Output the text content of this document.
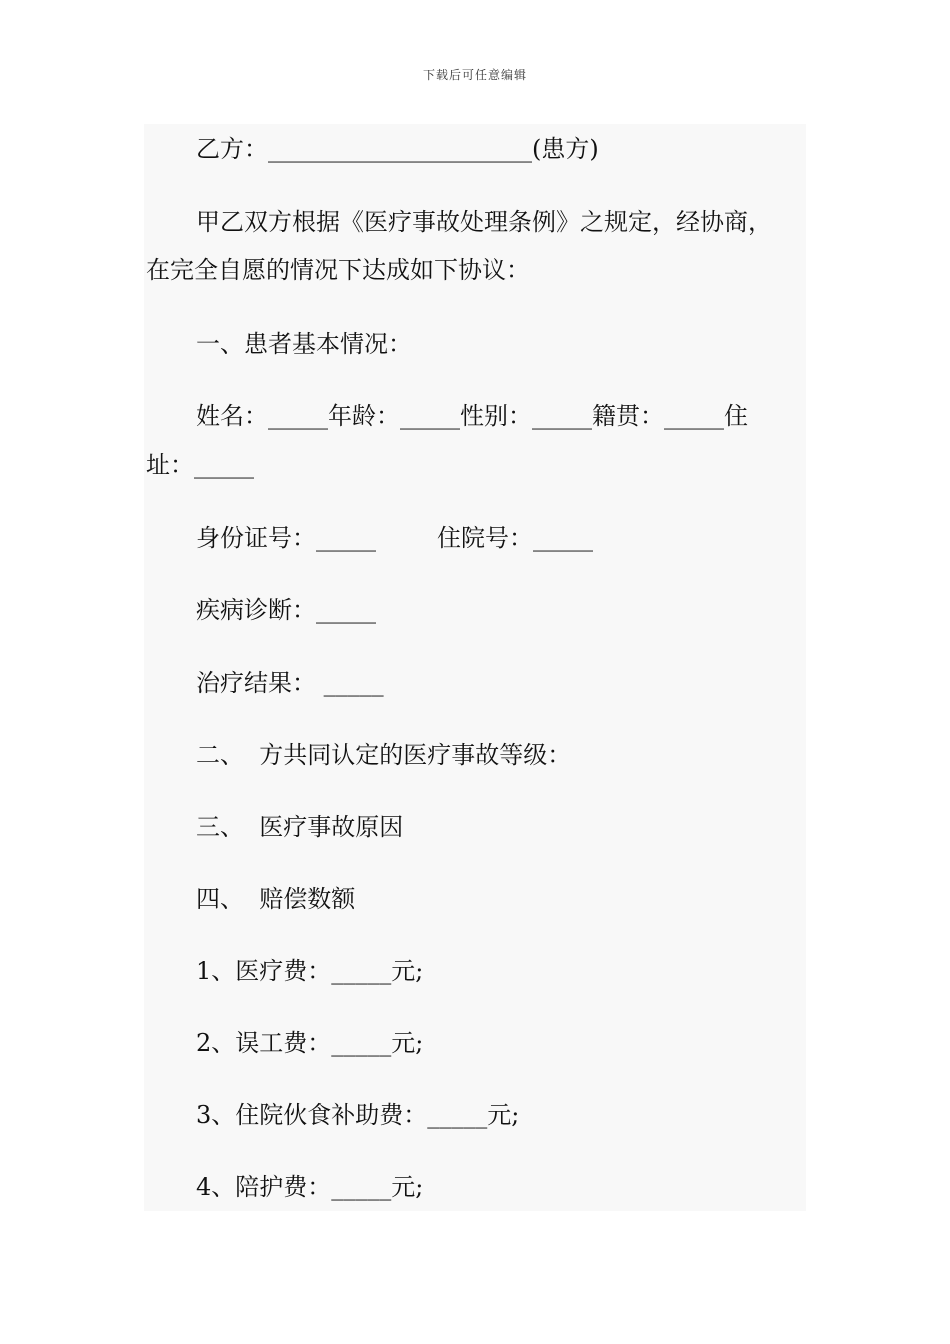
下载后可任意编辑
乙方：______________________(患方)
甲乙双方根据《医疗事故处理条例》之规定，经协商，
在完全自愿的情况下达成如下协议：
一、患者基本情况：
姓名：_____年龄：_____性别：_____籍贯：_____住
址：_____
身份证号：_____        住院号：_____
疾病诊断：_____
治疗结果： _____
二、  方共同认定的医疗事故等级：
三、  医疗事故原因
四、  赔偿数额
1、医疗费：_____元;
2、误工费：_____元;
3、住院伙食补助费：_____元;
4、陪护费：_____元;
